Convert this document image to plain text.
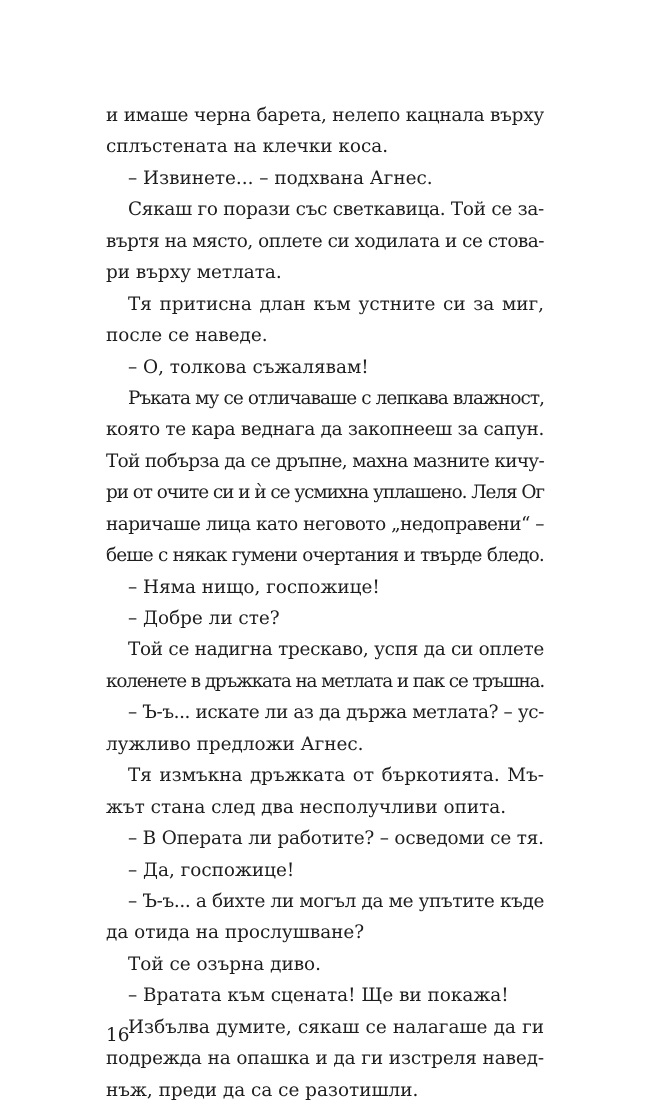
и имаше черна барета, нелепо кацнала върху
сплъстената на клечки коса.
– Извинете... – подхвана Агнес.
Сякаш го порази със светкавица. Той се за-
въртя на място, оплете си ходилата и се стова-
ри върху метлата.
Тя притисна длан към устните си за миг,
после се наведе.
– О, толкова съжалявам!
Ръката му се отличаваше с лепкава влажност,
която те кара веднага да закопнееш за сапун.
Той побърза да се дръпне, махна мазните кичу-
ри от очите си и ѝ се усмихна уплашено. Леля Ог
наричаше лица като неговото „недоправени“ –
беше с някак гумени очертания и твърде бледо.
– Няма нищо, госпожице!
– Добре ли сте?
Той се надигна трескаво, успя да си оплете
коленете в дръжката на метлата и пак се тръшна.
– Ъ-ъ... искате ли аз да държа метлата? – ус-
лужливо предложи Агнес.
Тя измъкна дръжката от бъркотията. Мъ-
жът стана след два несполучливи опита.
– В Операта ли работите? – осведоми се тя.
– Да, госпожице!
– Ъ-ъ... а бихте ли могъл да ме упътите къде
да отида на прослушване?
Той се озърна диво.
– Вратата към сцената! Ще ви покажа!
Избълва думите, сякаш се налагаше да ги
подрежда на опашка и да ги изстреля навед-
нъж, преди да са се разотишли.
16
